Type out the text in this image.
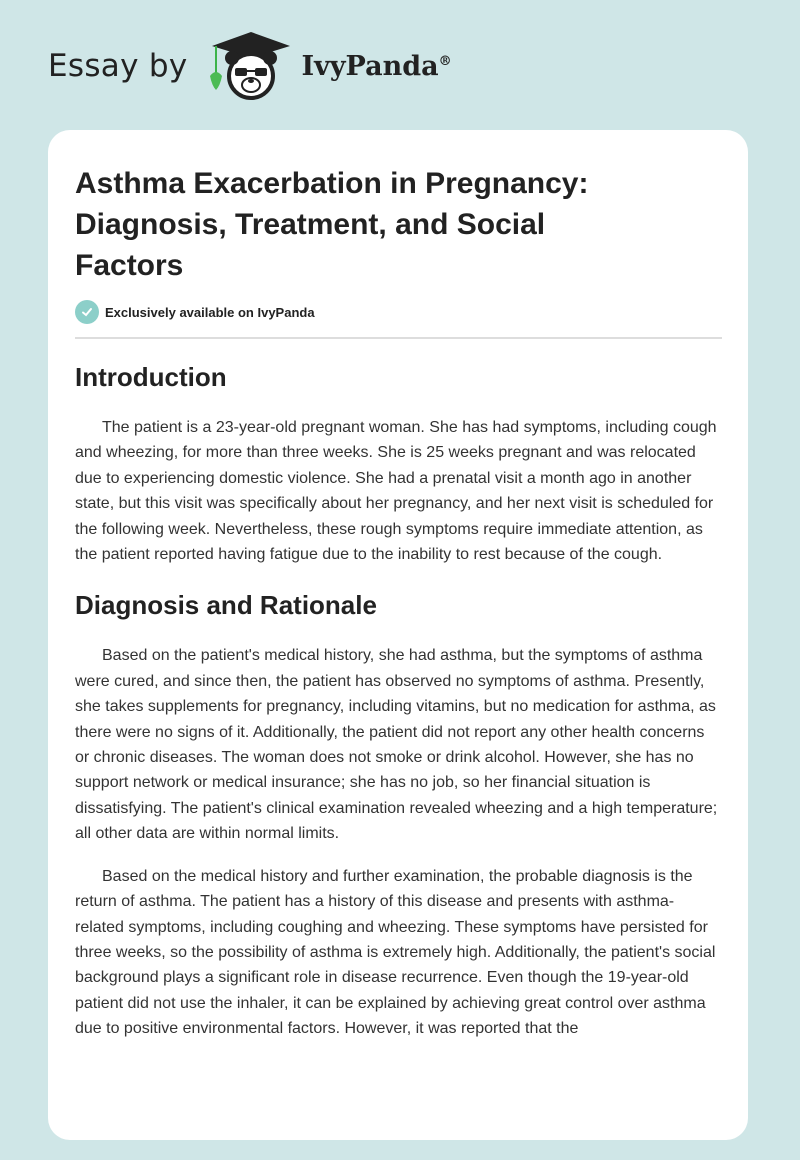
Essay by	IvyPanda®
Asthma Exacerbation in Pregnancy: Diagnosis, Treatment, and Social Factors
Exclusively available on IvyPanda
Introduction

The patient is a 23-year-old pregnant woman. She has had symptoms, including cough and wheezing, for more than three weeks. She is 25 weeks pregnant and was relocated due to experiencing domestic violence. She had a prenatal visit a month ago in another state, but this visit was specifically about her pregnancy, and her next visit is scheduled for the following week. Nevertheless, these rough symptoms require immediate attention, as the patient reported having fatigue due to the inability to rest because of the cough.

Diagnosis and Rationale

Based on the patient's medical history, she had asthma, but the symptoms of asthma were cured, and since then, the patient has observed no symptoms of asthma. Presently, she takes supplements for pregnancy, including vitamins, but no medication for asthma, as there were no signs of it. Additionally, the patient did not report any other health concerns or chronic diseases. The woman does not smoke or drink alcohol. However, she has no support network or medical insurance; she has no job, so her financial situation is dissatisfying. The patient's clinical examination revealed wheezing and a high temperature; all other data are within normal limits.

Based on the medical history and further examination, the probable diagnosis is the return of asthma. The patient has a history of this disease and presents with asthma-related symptoms, including coughing and wheezing. These symptoms have persisted for three weeks, so the possibility of asthma is extremely high. Additionally, the patient's social background plays a significant role in disease recurrence. Even though the 19-year-old patient did not use the inhaler, it can be explained by achieving great control over asthma due to positive environmental factors. However, it was reported that the
